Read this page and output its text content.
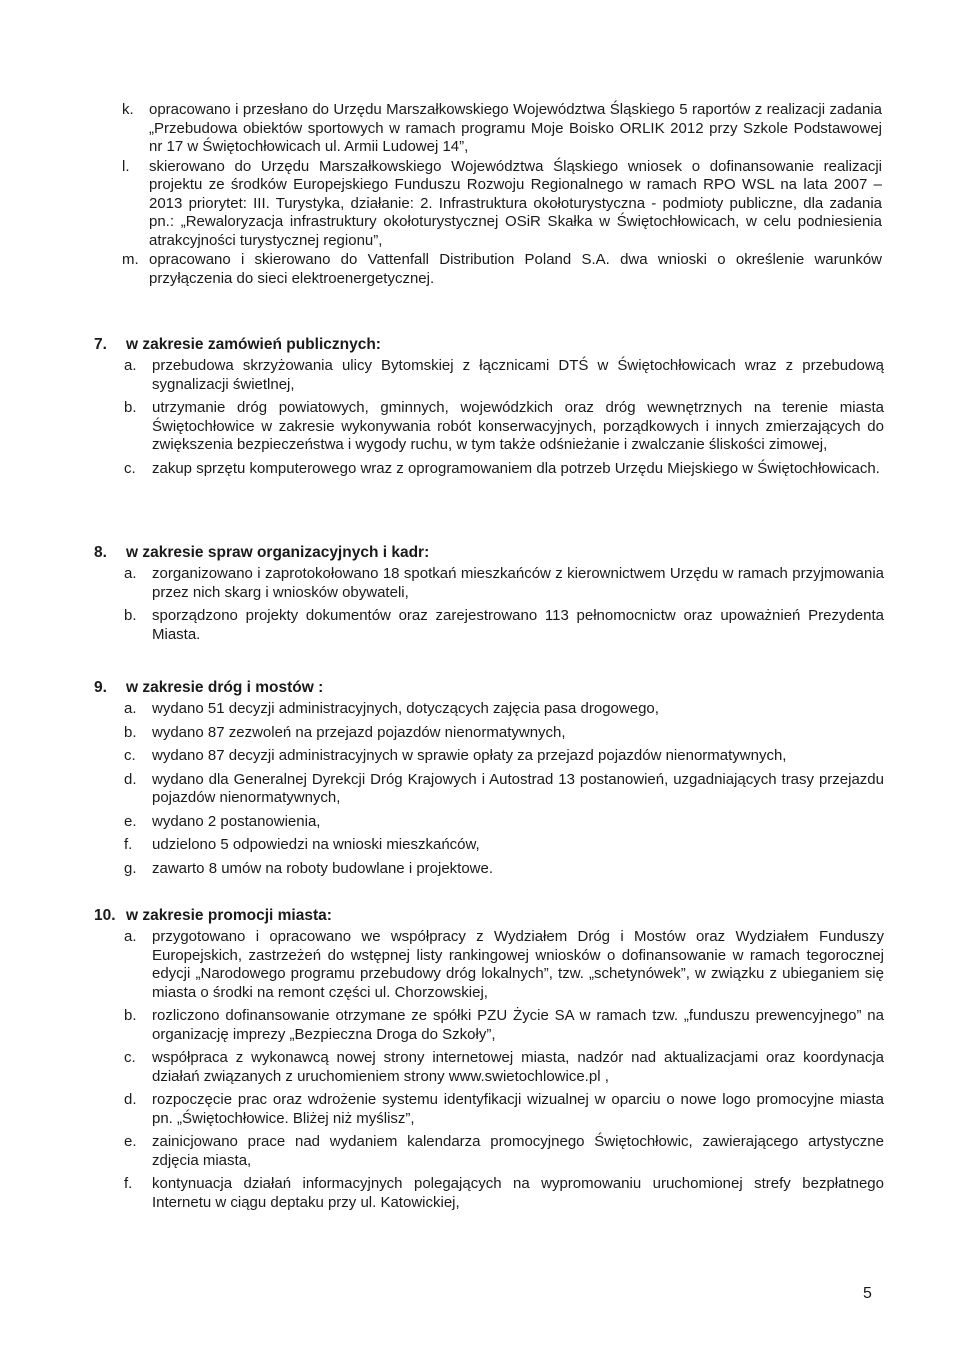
k. opracowano i przesłano do Urzędu Marszałkowskiego Województwa Śląskiego 5 raportów z realizacji zadania „Przebudowa obiektów sportowych w ramach programu Moje Boisko ORLIK 2012 przy Szkole Podstawowej nr 17 w Świętochłowicach ul. Armii Ludowej 14”,
l. skierowano do Urzędu Marszałkowskiego Województwa Śląskiego wniosek o dofinansowanie realizacji projektu ze środków Europejskiego Funduszu Rozwoju Regionalnego w ramach RPO WSL na lata 2007 – 2013 priorytet: III. Turystyka, działanie: 2. Infrastruktura okołoturystyczna - podmioty publiczne, dla zadania pn.: „Rewaloryzacja infrastruktury okołoturystycznej OSiR Skałka w Świętochłowicach, w celu podniesienia atrakcyjności turystycznej regionu”,
m. opracowano i skierowano do Vattenfall Distribution Poland S.A. dwa wnioski o określenie warunków przyłączenia do sieci elektroenergetycznej.
7. w zakresie zamówień publicznych:
a. przebudowa skrzyżowania ulicy Bytomskiej z łącznicami DTŚ w Świętochłowicach wraz z przebudową sygnalizacji świetlnej,
b. utrzymanie dróg powiatowych, gminnych, wojewódzkich oraz dróg wewnętrznych na terenie miasta Świętochłowice w zakresie wykonywania robót konserwacyjnych, porządkowych i innych zmierzających do zwiększenia bezpieczeństwa i wygody ruchu, w tym także odśnieżanie i zwalczanie śliskości zimowej,
c. zakup sprzętu komputerowego wraz z oprogramowaniem dla potrzeb Urzędu Miejskiego w Świętochłowicach.
8. w zakresie spraw organizacyjnych i kadr:
a. zorganizowano i zaprotokołowano 18 spotkań mieszkańców z kierownictwem Urzędu w ramach przyjmowania przez nich skarg i wniosków obywateli,
b. sporządzono projekty dokumentów oraz zarejestrowano 113 pełnomocnictw oraz upoważnień Prezydenta Miasta.
9. w zakresie dróg i mostów :
a. wydano 51 decyzji administracyjnych, dotyczących zajęcia pasa drogowego,
b. wydano 87 zezwoleń na przejazd pojazdów nienormatywnych,
c. wydano 87 decyzji administracyjnych w sprawie opłaty za przejazd pojazdów nienormatywnych,
d. wydano dla Generalnej Dyrekcji Dróg Krajowych i Autostrad 13 postanowień, uzgadniających trasy przejazdu pojazdów nienormatywnych,
e. wydano 2 postanowienia,
f. udzielono 5 odpowiedzi na wnioski mieszkańców,
g. zawarto 8 umów na roboty budowlane i projektowe.
10. w zakresie promocji miasta:
a. przygotowano i opracowano we współpracy z Wydziałem Dróg i Mostów oraz Wydziałem Funduszy Europejskich, zastrzeżeń do wstępnej listy rankingowej wniosków o dofinansowanie w ramach tegorocznej edycji „Narodowego programu przebudowy dróg lokalnych”, tzw. „schetynówek”, w związku z ubieganiem się miasta o środki na remont części ul. Chorzowskiej,
b. rozliczono dofinansowanie otrzymane ze spółki PZU Życie SA w ramach tzw. „funduszu prewencyjnego” na organizację imprezy „Bezpieczna Droga do Szkoły”,
c. współpraca z wykonawcą nowej strony internetowej miasta, nadzór nad aktualizacjami oraz koordynacja działań związanych z uruchomieniem strony www.swietochlowice.pl ,
d. rozpoczęcie prac oraz wdrożenie systemu identyfikacji wizualnej w oparciu o nowe logo promocyjne miasta pn. „Świętochłowice. Bliżej niż myślisz”,
e. zainicjowano prace nad wydaniem kalendarza promocyjnego Świętochłowic, zawierającego artystyczne zdjęcia miasta,
f. kontynuacja działań informacyjnych polegających na wypromowaniu uruchomionej strefy bezpłatnego Internetu w ciągu deptaku przy ul. Katowickiej,
5
